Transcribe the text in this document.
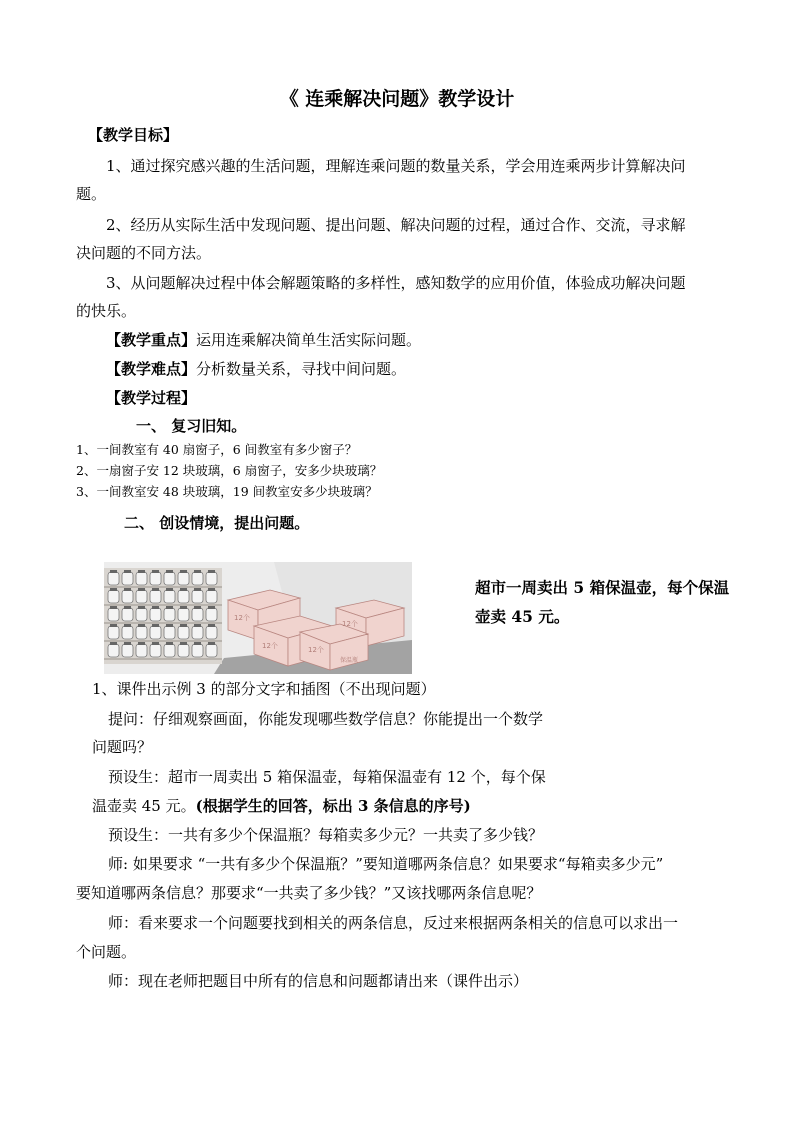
《 连乘解决问题》教学设计
【教学目标】
1、通过探究感兴趣的生活问题，理解连乘问题的数量关系，学会用连乘两步计算解决问
题。
2、经历从实际生活中发现问题、提出问题、解决问题的过程，通过合作、交流，寻求解
决问题的不同方法。
3、从问题解决过程中体会解题策略的多样性，感知数学的应用价值，体验成功解决问题
的快乐。
【教学重点】运用连乘解决简单生活实际问题。
【教学难点】分析数量关系，寻找中间问题。
【教学过程】
一、 复习旧知。
1、一间教室有 40 扇窗子，6 间教室有多少窗子？
2、一扇窗子安 12 块玻璃，6 扇窗子，安多少块玻璃？
3、一间教室安 48 块玻璃，19 间教室安多少块玻璃？
二、 创设情境，提出问题。
12个
12个
12个
12个
保温瓶
超市一周卖出 5 箱保温壶，每个保温
壶卖 45 元。
1、课件出示例 3 的部分文字和插图（不出现问题）
提问：仔细观察画面，你能发现哪些数学信息？你能提出一个数学
问题吗？
预设生：超市一周卖出 5 箱保温壶，每箱保温壶有 12 个，每个保
温壶卖 45 元。(根据学生的回答，标出 3 条信息的序号)
预设生：一共有多少个保温瓶？每箱卖多少元？一共卖了多少钱？
师: 如果要求 “一共有多少个保温瓶？”要知道哪两条信息？如果要求“每箱卖多少元”
要知道哪两条信息？那要求“一共卖了多少钱？”又该找哪两条信息呢？
师：看来要求一个问题要找到相关的两条信息，反过来根据两条相关的信息可以求出一
个问题。
师：现在老师把题目中所有的信息和问题都请出来（课件出示）
